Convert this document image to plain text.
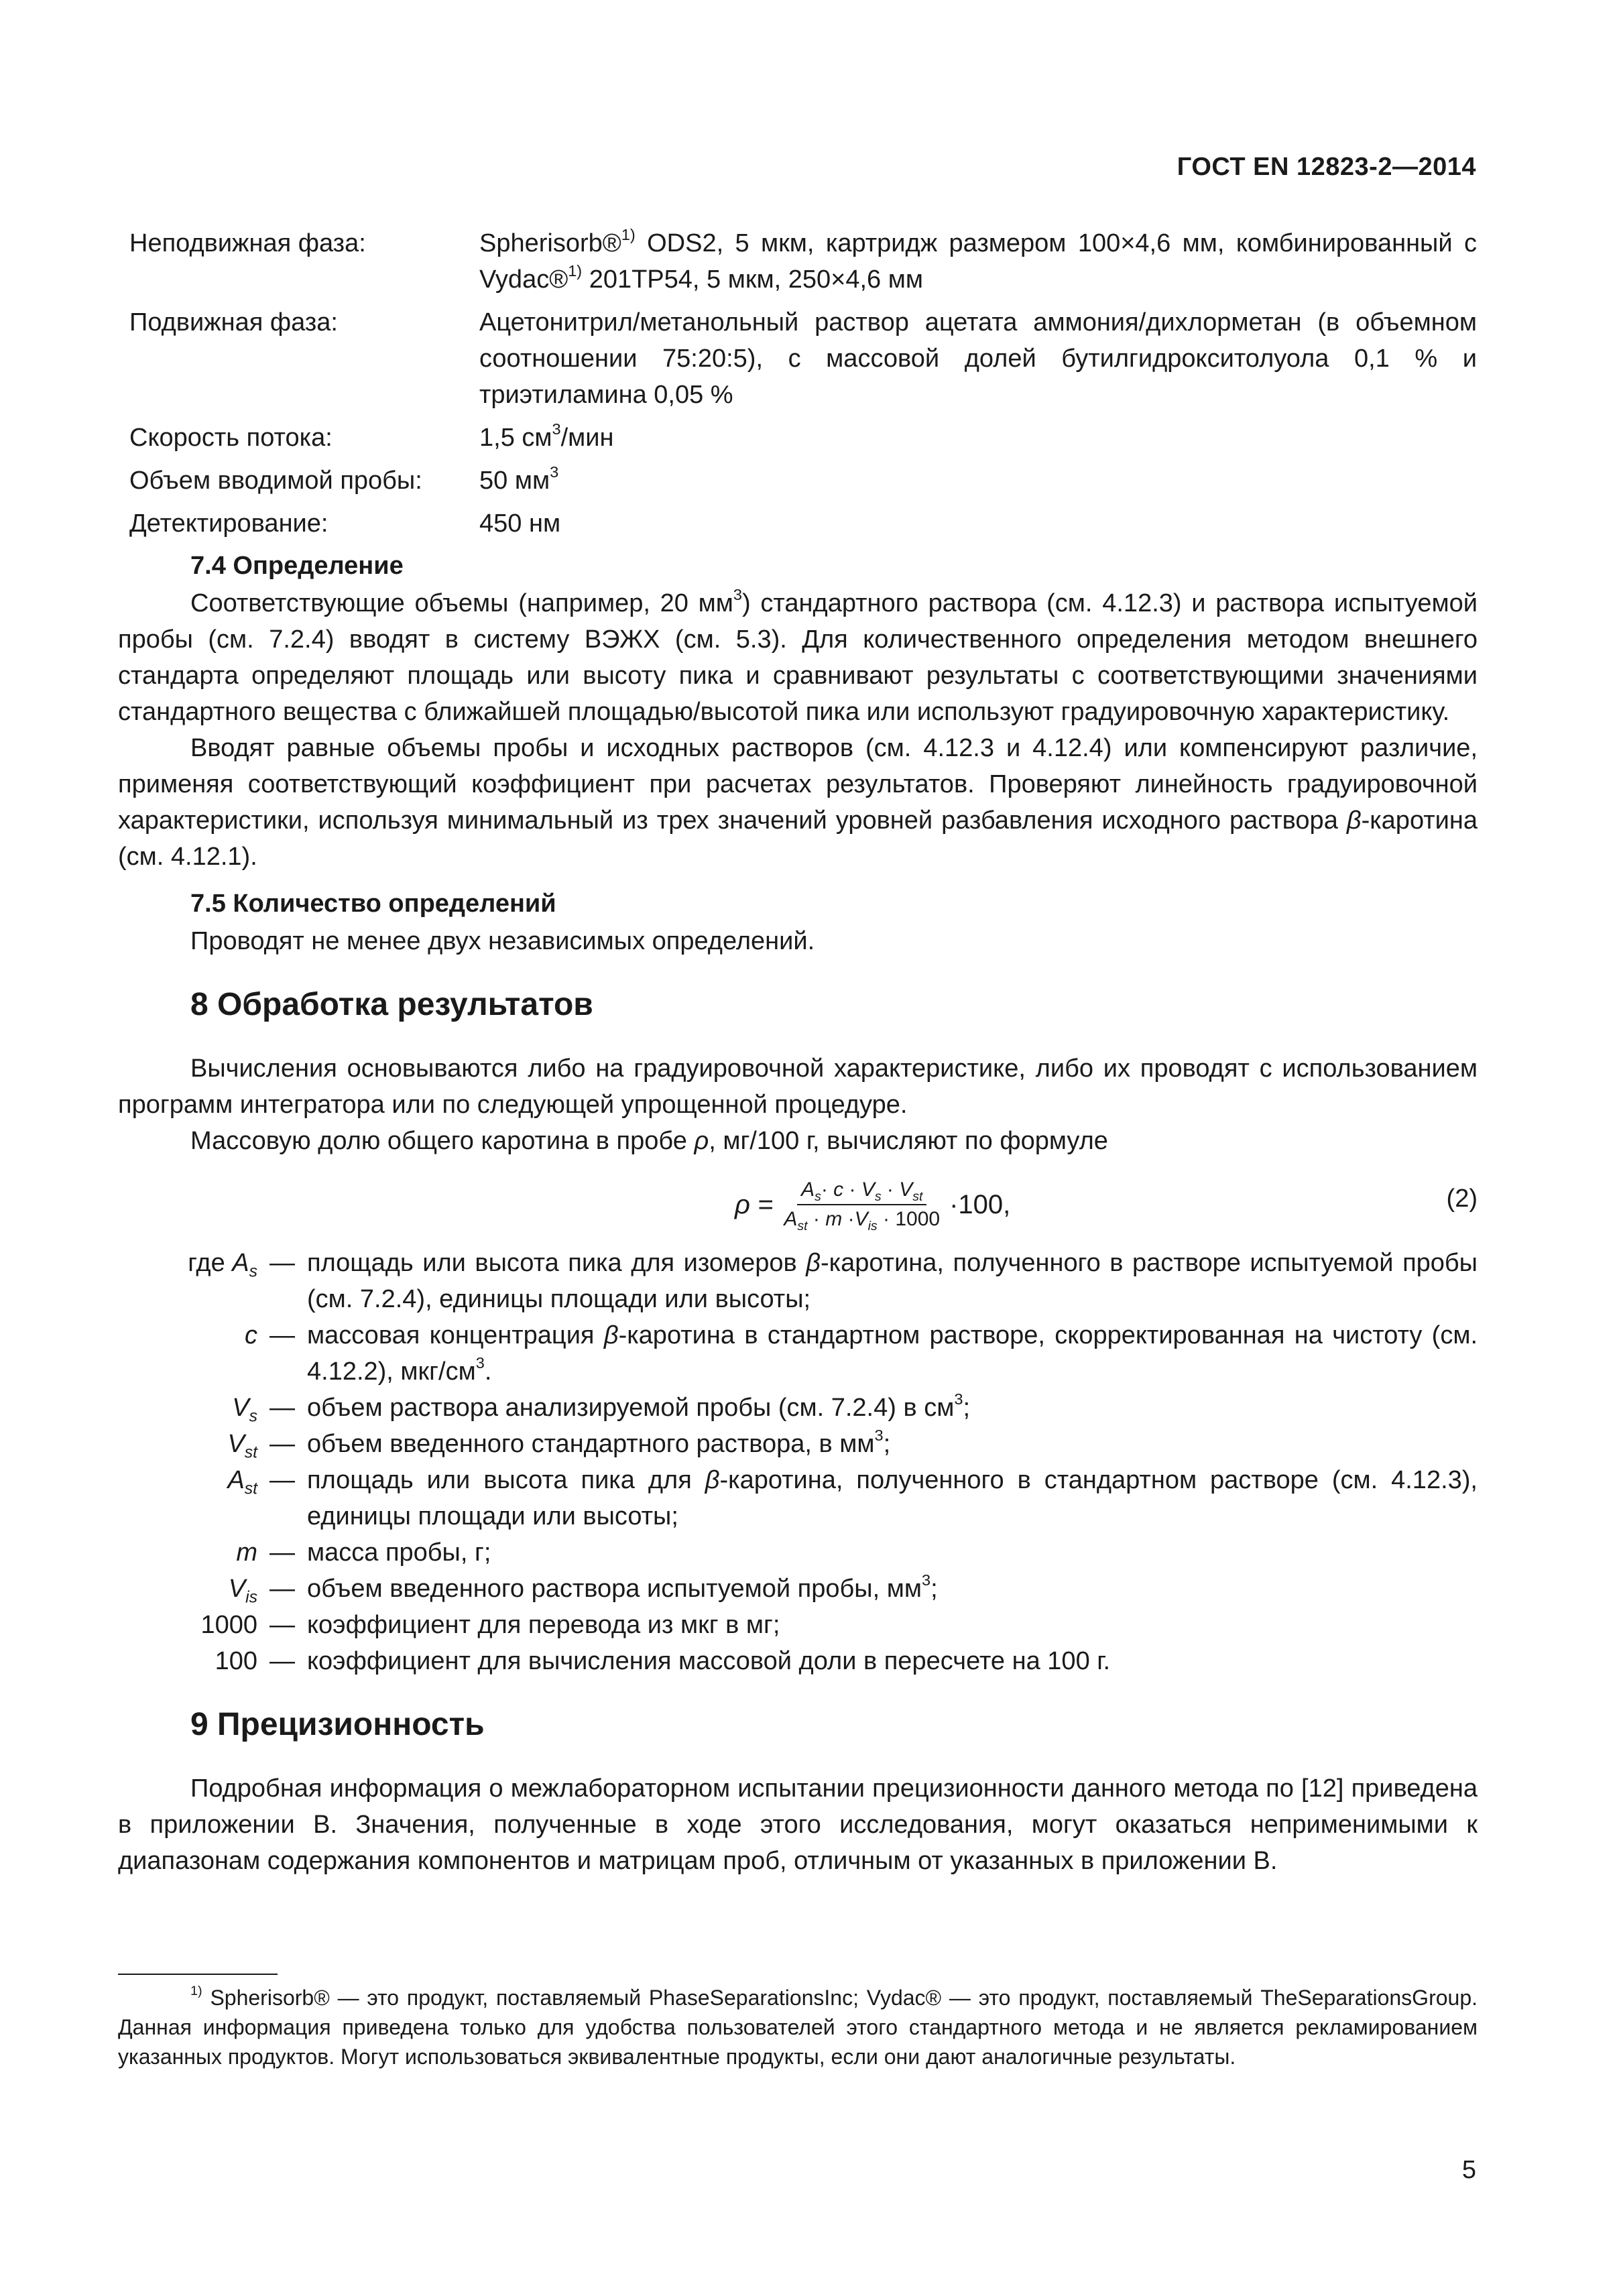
ГОСТ EN 12823-2—2014
Неподвижная фаза:	Spherisorb®$^{1)}$ ODS2, 5 мкм, картридж размером 100×4,6 мм, комбинированный с Vydac®$^{1)}$ 201TP54, 5 мкм, 250×4,6 мм
Подвижная фаза:	Ацетонитрил/метанольный раствор ацетата аммония/дихлорметан (в объемном соотношении 75:20:5), с массовой долей бутилгидрокситолуола 0,1 % и триэтиламина 0,05 %
Скорость потока:	1,5 $см^3$/мин
Объем вводимой пробы:	50 $мм^3$
Детектирование:	450 нм
7.4 Определение

Соответствующие объемы (например, 20 $мм^3$) стандартного раствора (см. 4.12.3) и раствора испытуемой пробы (см. 7.2.4) вводят в систему ВЭЖХ (см. 5.3). Для количественного определения методом внешнего стандарта определяют площадь или высоту пика и сравнивают результаты с соответствующими значениями стандартного вещества с ближайшей площадью/высотой пика или используют градуировочную характеристику.

Вводят равные объемы пробы и исходных растворов (см. 4.12.3 и 4.12.4) или компенсируют различие, применяя соответствующий коэффициент при расчетах результатов. Проверяют линейность градуировочной характеристики, используя минимальный из трех значений уровней разбавления исходного раствора β-каротина (см. 4.12.1).

7.5 Количество определений
Проводят не менее двух независимых определений.
8 Обработка результатов

Вычисления основываются либо на градуировочной характеристике, либо их проводят с использованием программ интегратора или по следующей упрощенной процедуре.

Массовую долю общего каротина в пробе ρ, мг/100 г, вычисляют по формуле

$\rho = \frac{A_s\cdot c \cdot V_s \cdot V_{st}}{A_{st} \cdot m \cdot V_{is} \cdot 1000} \cdot 100$,	(2)
где $A_s$ — площадь или высота пика для изомеров β-каротина, полученного в растворе испытуемой пробы (см. 7.2.4), единицы площади или высоты;
c — массовая концентрация β-каротина в стандартном растворе, скорректированная на чистоту (см. 4.12.2), мкг/$см^3$.
$V_s$ — объем раствора анализируемой пробы (см. 7.2.4) в $см^3$;
$V_{st}$ — объем введенного стандартного раствора, в $мм^3$;
$A_{st}$ — площадь или высота пика для β-каротина, полученного в стандартном растворе (см. 4.12.3), единицы площади или высоты;
m — масса пробы, г;
$V_{is}$ — объем введенного раствора испытуемой пробы, $мм^3$;
1000 — коэффициент для перевода из мкг в мг;
100 — коэффициент для вычисления массовой доли в пересчете на 100 г.
9 Прецизионность

Подробная информация о межлабораторном испытании прецизионности данного метода по [12] приведена в приложении В. Значения, полученные в ходе этого исследования, могут оказаться неприменимыми к диапазонам содержания компонентов и матрицам проб, отличным от указанных в приложении В.

$^{1)}$ Spherisorb® — это продукт, поставляемый PhaseSeparationsInc; Vydac® — это продукт, поставляемый TheSeparationsGroup. Данная информация приведена только для удобства пользователей этого стандартного метода и не является рекламированием указанных продуктов. Могут использоваться эквивалентные продукты, если они дают аналогичные результаты.
5
